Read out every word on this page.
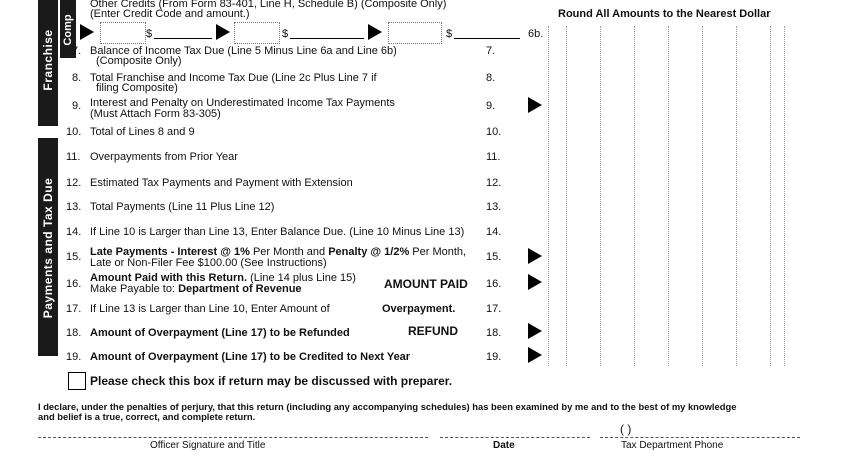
Franchise Comp
Payments and Tax Due
Round All Amounts to the Nearest Dollar
Other Credits (From Form 83-401, Line H, Schedule B) (Composite Only)
(Enter Credit Code and amount.)
$	$	$	6b.
7. Balance of Income Tax Due (Line 5 Minus Line 6a and Line 6b)
(Composite Only)
7.
8. Total Franchise and Income Tax Due (Line 2c Plus Line 7 if
filing Composite)
8.
9. Interest and Penalty on Underestimated Income Tax Payments
(Must Attach Form 83-305)
9.
10. Total of Lines 8 and 9	10.
11. Overpayments from Prior Year	11.
12. Estimated Tax Payments and Payment with Extension	12.
13. Total Payments (Line 11 Plus Line 12)	13.
14. If Line 10 is Larger than Line 13, Enter Balance Due. (Line 10 Minus Line 13) 14.
15. Late Payments - Interest @ 1% Per Month and Penalty @ 1/2% Per Month,
Late or Non-Filer Fee $100.00 (See Instructions)	15.
16. Amount Paid with this Return. (Line 14 plus Line 15)
Make Payable to: Department of Revenue	AMOUNT PAID 16.
17. If Line 13 is Larger than Line 10, Enter Amount of	Overpayment.	17.
18. Amount of Overpayment (Line 17) to be Refunded	REFUND	18.
19. Amount of Overpayment (Line 17) to be Credited to Next Year	19.
Please check this box if return may be discussed with preparer.
I declare, under the penalties of perjury, that this return (including any accompanying schedules) has been examined by me and to the best of my knowledge
and belief is a true, correct, and complete return.
( )
Officer Signature and Title	Date	Tax Department Phone
